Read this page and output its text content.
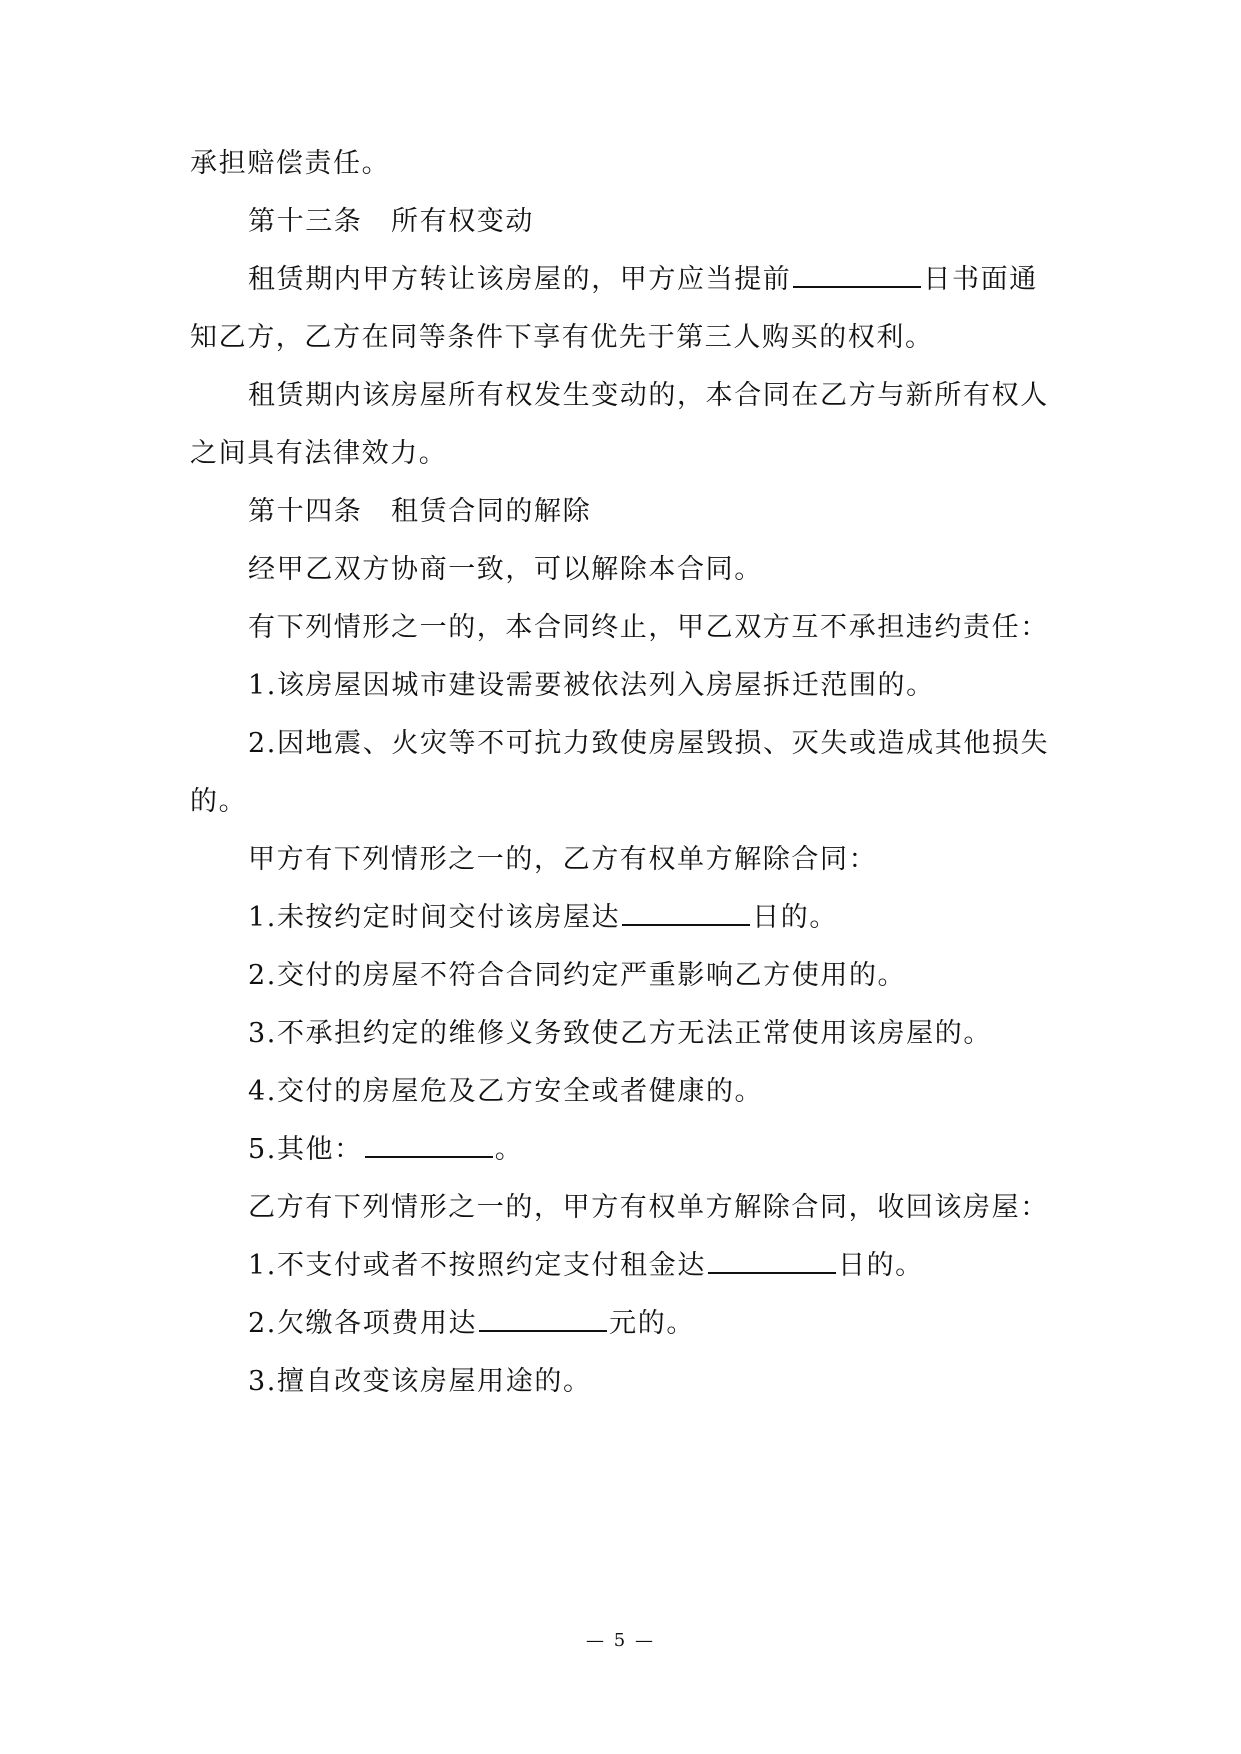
承担赔偿责任。
第十三条　所有权变动
租赁期内甲方转让该房屋的，甲方应当提前	日书面通
知乙方，乙方在同等条件下享有优先于第三人购买的权利。
租赁期内该房屋所有权发生变动的，本合同在乙方与新所有权人
之间具有法律效力。
第十四条　租赁合同的解除
经甲乙双方协商一致，可以解除本合同。
有下列情形之一的，本合同终止，甲乙双方互不承担违约责任：
1.该房屋因城市建设需要被依法列入房屋拆迁范围的。
2.因地震、火灾等不可抗力致使房屋毁损、灭失或造成其他损失
的。
甲方有下列情形之一的，乙方有权单方解除合同：
1.未按约定时间交付该房屋达	日的。
2.交付的房屋不符合合同约定严重影响乙方使用的。
3.不承担约定的维修义务致使乙方无法正常使用该房屋的。
4.交付的房屋危及乙方安全或者健康的。
5.其他：	。
乙方有下列情形之一的，甲方有权单方解除合同，收回该房屋：
1.不支付或者不按照约定支付租金达	日的。
2.欠缴各项费用达	元的。
3.擅自改变该房屋用途的。
— 5 —
